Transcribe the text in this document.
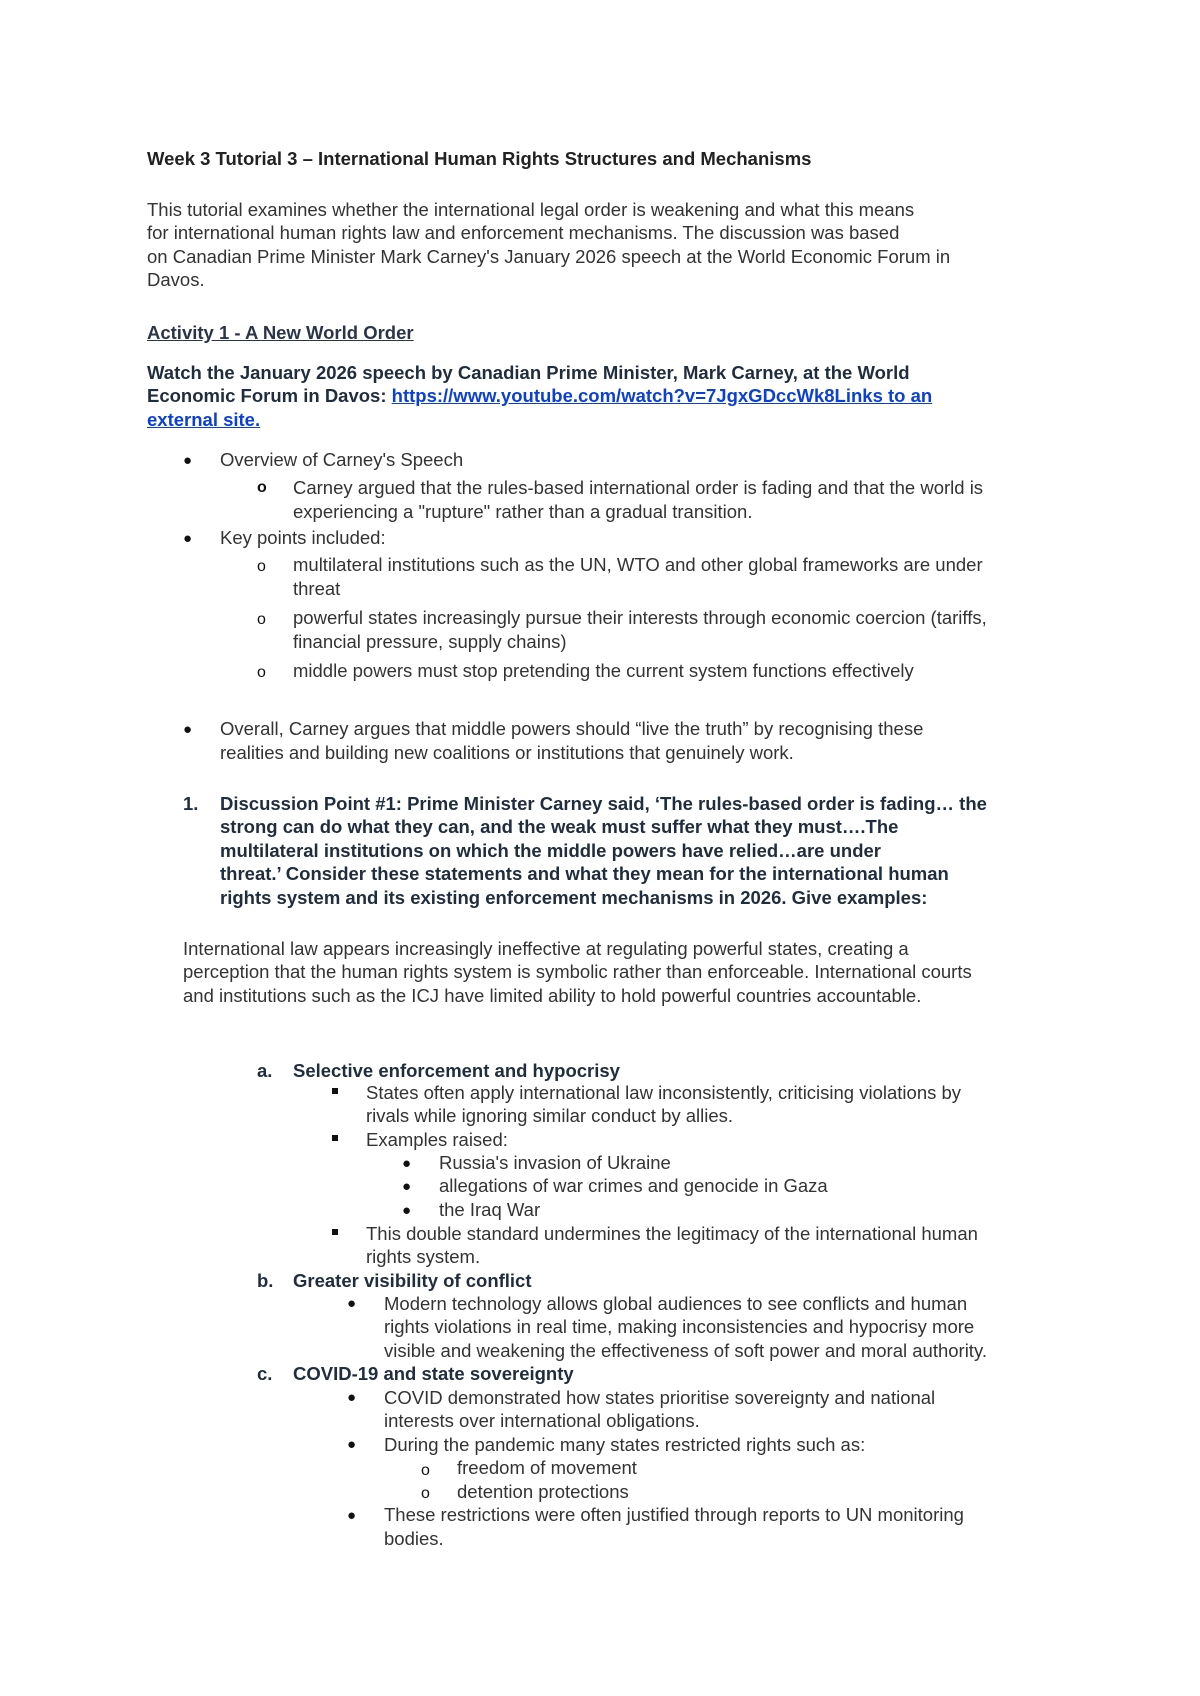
Week 3 Tutorial 3 – International Human Rights Structures and Mechanisms
This tutorial examines whether the international legal order is weakening and what this means
for international human rights law and enforcement mechanisms. The discussion was based
on Canadian Prime Minister Mark Carney's January 2026 speech at the World Economic Forum in
Davos.
Activity 1 - A New World Order
Watch the January 2026 speech by Canadian Prime Minister, Mark Carney, at the World
Economic Forum in Davos: https://www.youtube.com/watch?v=7JgxGDccWk8Links to an
external site.
● Overview of Carney's Speech
o Carney argued that the rules-based international order is fading and that the world is
experiencing a "rupture" rather than a gradual transition.
● Key points included:
o multilateral institutions such as the UN, WTO and other global frameworks are under
threat
o powerful states increasingly pursue their interests through economic coercion (tariffs,
financial pressure, supply chains)
o middle powers must stop pretending the current system functions effectively
● Overall, Carney argues that middle powers should “live the truth” by recognising these
realities and building new coalitions or institutions that genuinely work.
1. Discussion Point #1: Prime Minister Carney said, ‘The rules-based order is fading… the
strong can do what they can, and the weak must suffer what they must….The
multilateral institutions on which the middle powers have relied…are under
threat.’ Consider these statements and what they mean for the international human
rights system and its existing enforcement mechanisms in 2026. Give examples:
International law appears increasingly ineffective at regulating powerful states, creating a
perception that the human rights system is symbolic rather than enforceable. International courts
and institutions such as the ICJ have limited ability to hold powerful countries accountable.
a. Selective enforcement and hypocrisy
States often apply international law inconsistently, criticising violations by
rivals while ignoring similar conduct by allies.
Examples raised:
● Russia's invasion of Ukraine
● allegations of war crimes and genocide in Gaza
● the Iraq War
This double standard undermines the legitimacy of the international human
rights system.
b. Greater visibility of conflict
● Modern technology allows global audiences to see conflicts and human
rights violations in real time, making inconsistencies and hypocrisy more
visible and weakening the effectiveness of soft power and moral authority.
c. COVID-19 and state sovereignty
● COVID demonstrated how states prioritise sovereignty and national
interests over international obligations.
● During the pandemic many states restricted rights such as:
o freedom of movement
o detention protections
● These restrictions were often justified through reports to UN monitoring
bodies.
